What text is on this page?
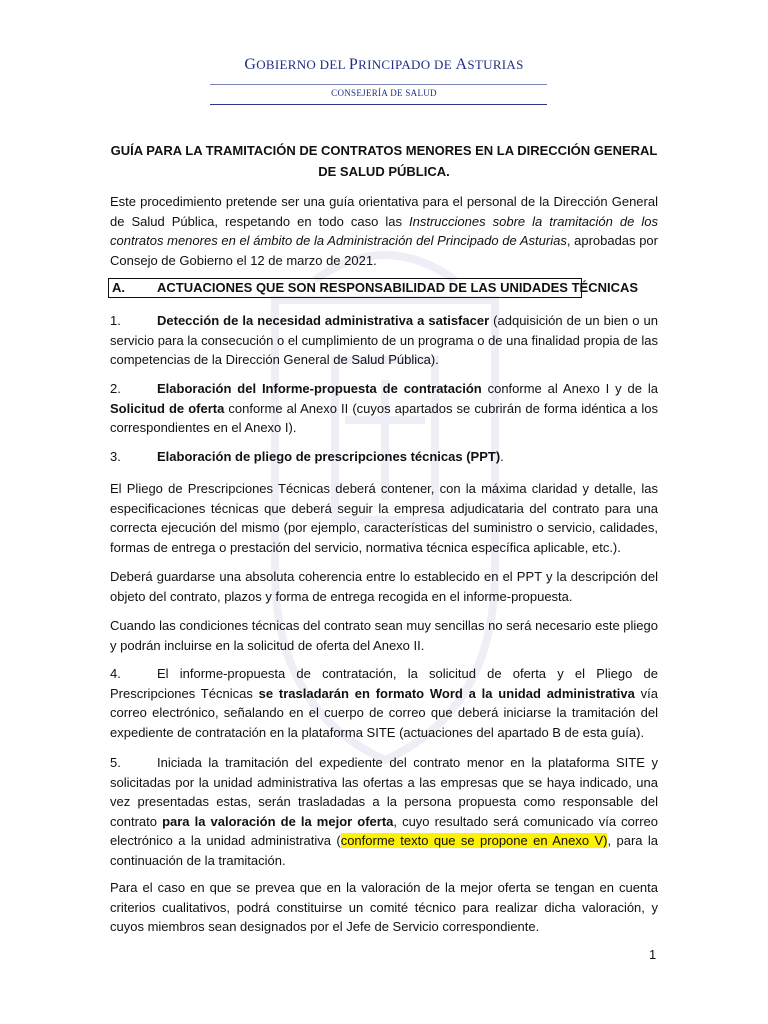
GOBIERNO DEL PRINCIPADO DE ASTURIAS
CONSEJERÍA DE SALUD
GUÍA PARA LA TRAMITACIÓN DE CONTRATOS MENORES EN LA DIRECCIÓN GENERAL DE SALUD PÚBLICA.
Este procedimiento pretende ser una guía orientativa para el personal de la Dirección General de Salud Pública, respetando en todo caso las Instrucciones sobre la tramitación de los contratos menores en el ámbito de la Administración del Principado de Asturias, aprobadas por Consejo de Gobierno el 12 de marzo de 2021.
A. ACTUACIONES QUE SON RESPONSABILIDAD DE LAS UNIDADES TÉCNICAS
1.	Detección de la necesidad administrativa a satisfacer (adquisición de un bien o un servicio para la consecución o el cumplimiento de un programa o de una finalidad propia de las competencias de la Dirección General de Salud Pública).
2.	Elaboración del Informe-propuesta de contratación conforme al Anexo I y de la Solicitud de oferta conforme al Anexo II (cuyos apartados se cubrirán de forma idéntica a los correspondientes en el Anexo I).
3.	Elaboración de pliego de prescripciones técnicas (PPT).
El Pliego de Prescripciones Técnicas deberá contener, con la máxima claridad y detalle, las especificaciones técnicas que deberá seguir la empresa adjudicataria del contrato para una correcta ejecución del mismo (por ejemplo, características del suministro o servicio, calidades, formas de entrega o prestación del servicio, normativa técnica específica aplicable, etc.).
Deberá guardarse una absoluta coherencia entre lo establecido en el PPT y la descripción del objeto del contrato, plazos y forma de entrega recogida en el informe-propuesta.
Cuando las condiciones técnicas del contrato sean muy sencillas no será necesario este pliego y podrán incluirse en la solicitud de oferta del Anexo II.
4.	El informe-propuesta de contratación, la solicitud de oferta y el Pliego de Prescripciones Técnicas se trasladarán en formato Word a la unidad administrativa vía correo electrónico, señalando en el cuerpo de correo que deberá iniciarse la tramitación del expediente de contratación en la plataforma SITE (actuaciones del apartado B de esta guía).
5.	Iniciada la tramitación del expediente del contrato menor en la plataforma SITE y solicitadas por la unidad administrativa las ofertas a las empresas que se haya indicado, una vez presentadas estas, serán trasladadas a la persona propuesta como responsable del contrato para la valoración de la mejor oferta, cuyo resultado será comunicado vía correo electrónico a la unidad administrativa (conforme texto que se propone en Anexo V), para la continuación de la tramitación.
Para el caso en que se prevea que en la valoración de la mejor oferta se tengan en cuenta criterios cualitativos, podrá constituirse un comité técnico para realizar dicha valoración, y cuyos miembros sean designados por el Jefe de Servicio correspondiente.
1
